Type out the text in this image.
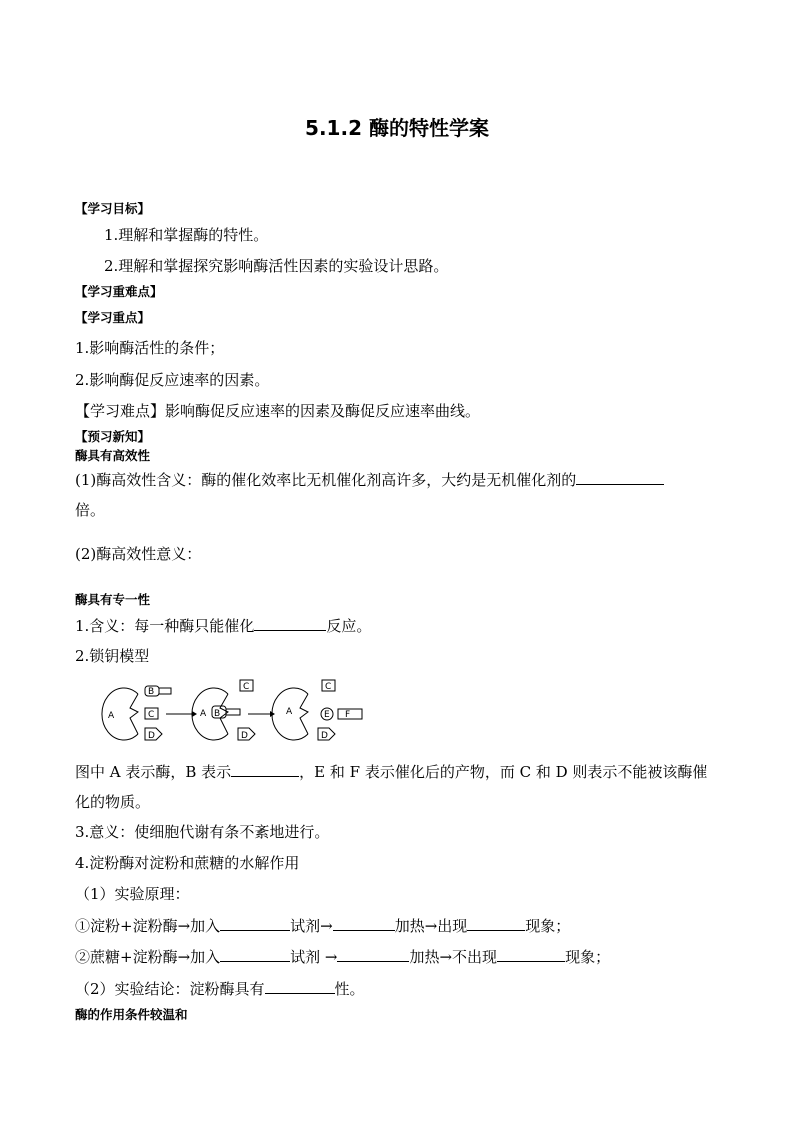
5.1.2 酶的特性学案
【学习目标】
1.理解和掌握酶的特性。
2.理解和掌握探究影响酶活性因素的实验设计思路。
【学习重难点】
【学习重点】
1.影响酶活性的条件；
2.影响酶促反应速率的因素。
【学习难点】影响酶促反应速率的因素及酶促反应速率曲线。
【预习新知】
酶具有高效性
(1)酶高效性含义：酶的催化效率比无机催化剂高许多，大约是无机催化剂的
倍。
(2)酶高效性意义：
酶具有专一性
1.含义：每一种酶只能催化	反应。
2.锁钥模型
A
B
C
D
A B
C
D
A
C
E F
D
图中 A 表示酶，B 表示	，E 和 F 表示催化后的产物，而 C 和 D 则表示不能被该酶催
化的物质。
3.意义：使细胞代谢有条不紊地进行。
4.淀粉酶对淀粉和蔗糖的水解作用
（1）实验原理：
①淀粉+淀粉酶→加入	试剂→	加热→出现	现象；
②蔗糖+淀粉酶→加入	试剂 →	加热→不出现	现象；
（2）实验结论：淀粉酶具有	性。
酶的作用条件较温和
